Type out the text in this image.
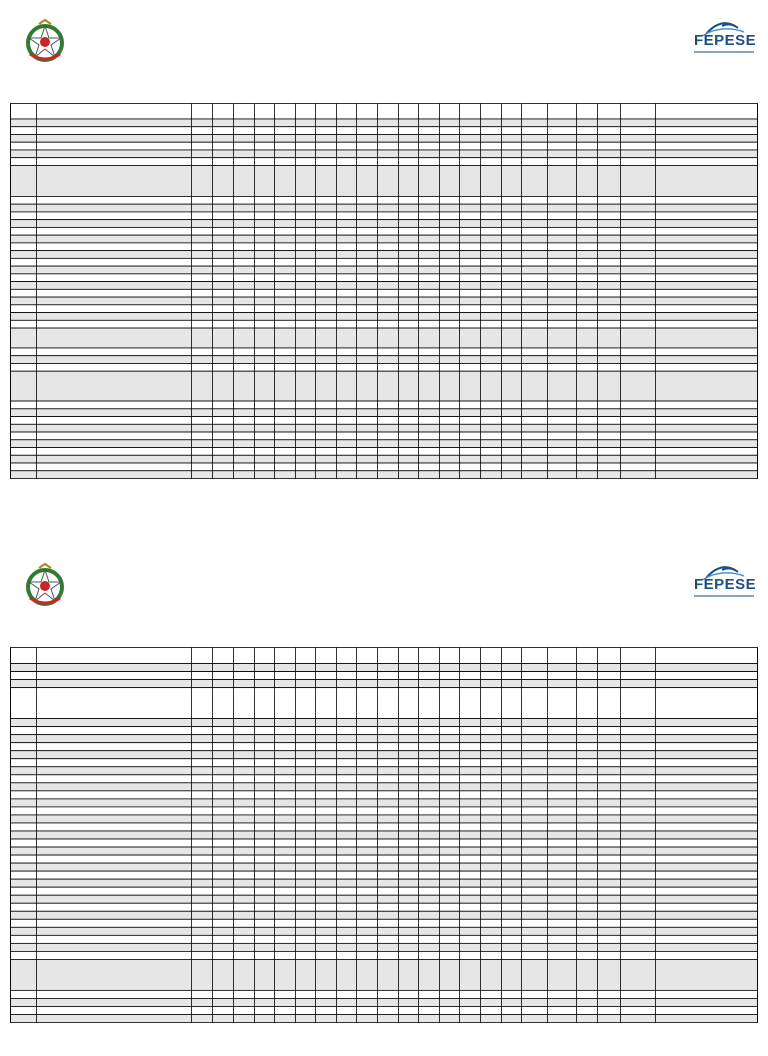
FEPESE
FEPESE
